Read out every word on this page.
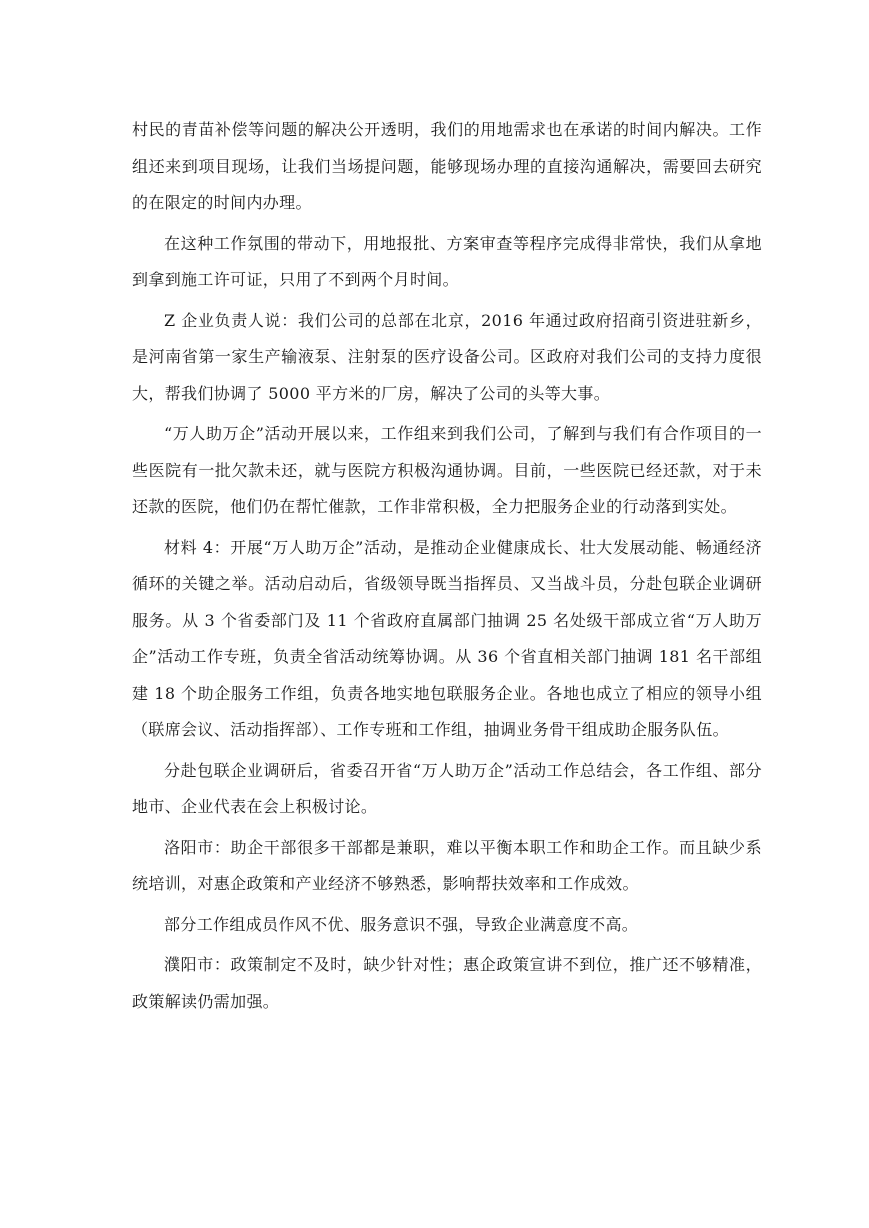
村民的青苗补偿等问题的解决公开透明，我们的用地需求也在承诺的时间内解决。工作组还来到项目现场，让我们当场提问题，能够现场办理的直接沟通解决，需要回去研究的在限定的时间内办理。

在这种工作氛围的带动下，用地报批、方案审查等程序完成得非常快，我们从拿地到拿到施工许可证，只用了不到两个月时间。

Z 企业负责人说：我们公司的总部在北京，2016 年通过政府招商引资进驻新乡，是河南省第一家生产输液泵、注射泵的医疗设备公司。区政府对我们公司的支持力度很大，帮我们协调了 5000 平方米的厂房，解决了公司的头等大事。

“万人助万企”活动开展以来，工作组来到我们公司，了解到与我们有合作项目的一些医院有一批欠款未还，就与医院方积极沟通协调。目前，一些医院已经还款，对于未还款的医院，他们仍在帮忙催款，工作非常积极，全力把服务企业的行动落到实处。

材料 4：开展“万人助万企”活动，是推动企业健康成长、壮大发展动能、畅通经济循环的关键之举。活动启动后，省级领导既当指挥员、又当战斗员，分赴包联企业调研服务。从 3 个省委部门及 11 个省政府直属部门抽调 25 名处级干部成立省“万人助万企”活动工作专班，负责全省活动统筹协调。从 36 个省直相关部门抽调 181 名干部组建 18 个助企服务工作组，负责各地实地包联服务企业。各地也成立了相应的领导小组（联席会议、活动指挥部）、工作专班和工作组，抽调业务骨干组成助企服务队伍。

分赴包联企业调研后，省委召开省“万人助万企”活动工作总结会，各工作组、部分地市、企业代表在会上积极讨论。

洛阳市：助企干部很多干部都是兼职，难以平衡本职工作和助企工作。而且缺少系统培训，对惠企政策和产业经济不够熟悉，影响帮扶效率和工作成效。

部分工作组成员作风不优、服务意识不强，导致企业满意度不高。

濮阳市：政策制定不及时，缺少针对性；惠企政策宣讲不到位，推广还不够精准，政策解读仍需加强。
